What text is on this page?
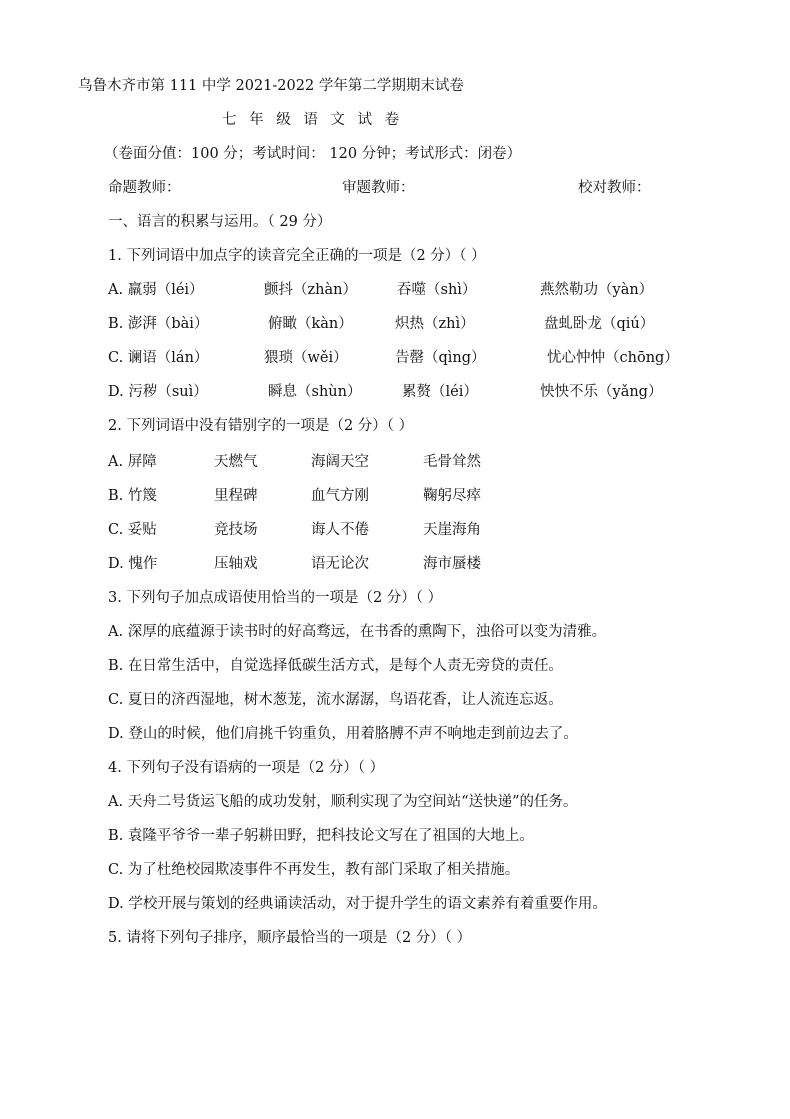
乌鲁木齐市第 111 中学 2021-2022 学年第二学期期末试卷
七 年 级 语 文 试 卷
（卷面分值：100 分；考试时间： 120 分钟；考试形式：闭卷）
命题教师：	审题教师：	校对教师：
一、语言的积累与运用。（ 29 分）
1. 下列词语中加点字的读音完全正确的一项是（2 分）（ ）
A. 羸弱（léi）	颤抖（zhàn）	吞噬（shì）	燕然勒功（yàn）
B. 澎湃（bài）	俯瞰（kàn）	炽热（zhì）	盘虬卧龙（qiú）
C. 谰语（lán）	猥琐（wěi）	告罄（qìng）	忧心忡忡（chōng）
D. 污秽（suì）	瞬息（shùn）	累赘（léi）	怏怏不乐（yǎng）
2. 下列词语中没有错别字的一项是（2 分）（ ）
A. 屏障	天燃气	海阔天空	毛骨耸然
B. 竹篾	里程碑	血气方刚	鞠躬尽瘁
C. 妥贴	竞技场	诲人不倦	天崖海角
D. 愧作	压轴戏	语无论次	海市蜃楼
3. 下列句子加点成语使用恰当的一项是（2 分）（ ）
A. 深厚的底蕴源于读书时的好高骛远，在书香的熏陶下，浊俗可以变为清雅。
B. 在日常生活中，自觉选择低碳生活方式，是每个人责无旁贷的责任。
C. 夏日的济西湿地，树木葱茏，流水潺潺，鸟语花香，让人流连忘返。
D. 登山的时候，他们肩挑千钧重负，用着胳膊不声不响地走到前边去了。
4. 下列句子没有语病的一项是（2 分）（ ）
A. 天舟二号货运飞船的成功发射，顺利实现了为空间站“送快递”的任务。
B. 袁隆平爷爷一辈子躬耕田野，把科技论文写在了祖国的大地上。
C. 为了杜绝校园欺凌事件不再发生，教有部门采取了相关措施。
D. 学校开展与策划的经典诵读活动，对于提升学生的语文素养有着重要作用。
5. 请将下列句子排序，顺序最恰当的一项是（2 分）（ ）
